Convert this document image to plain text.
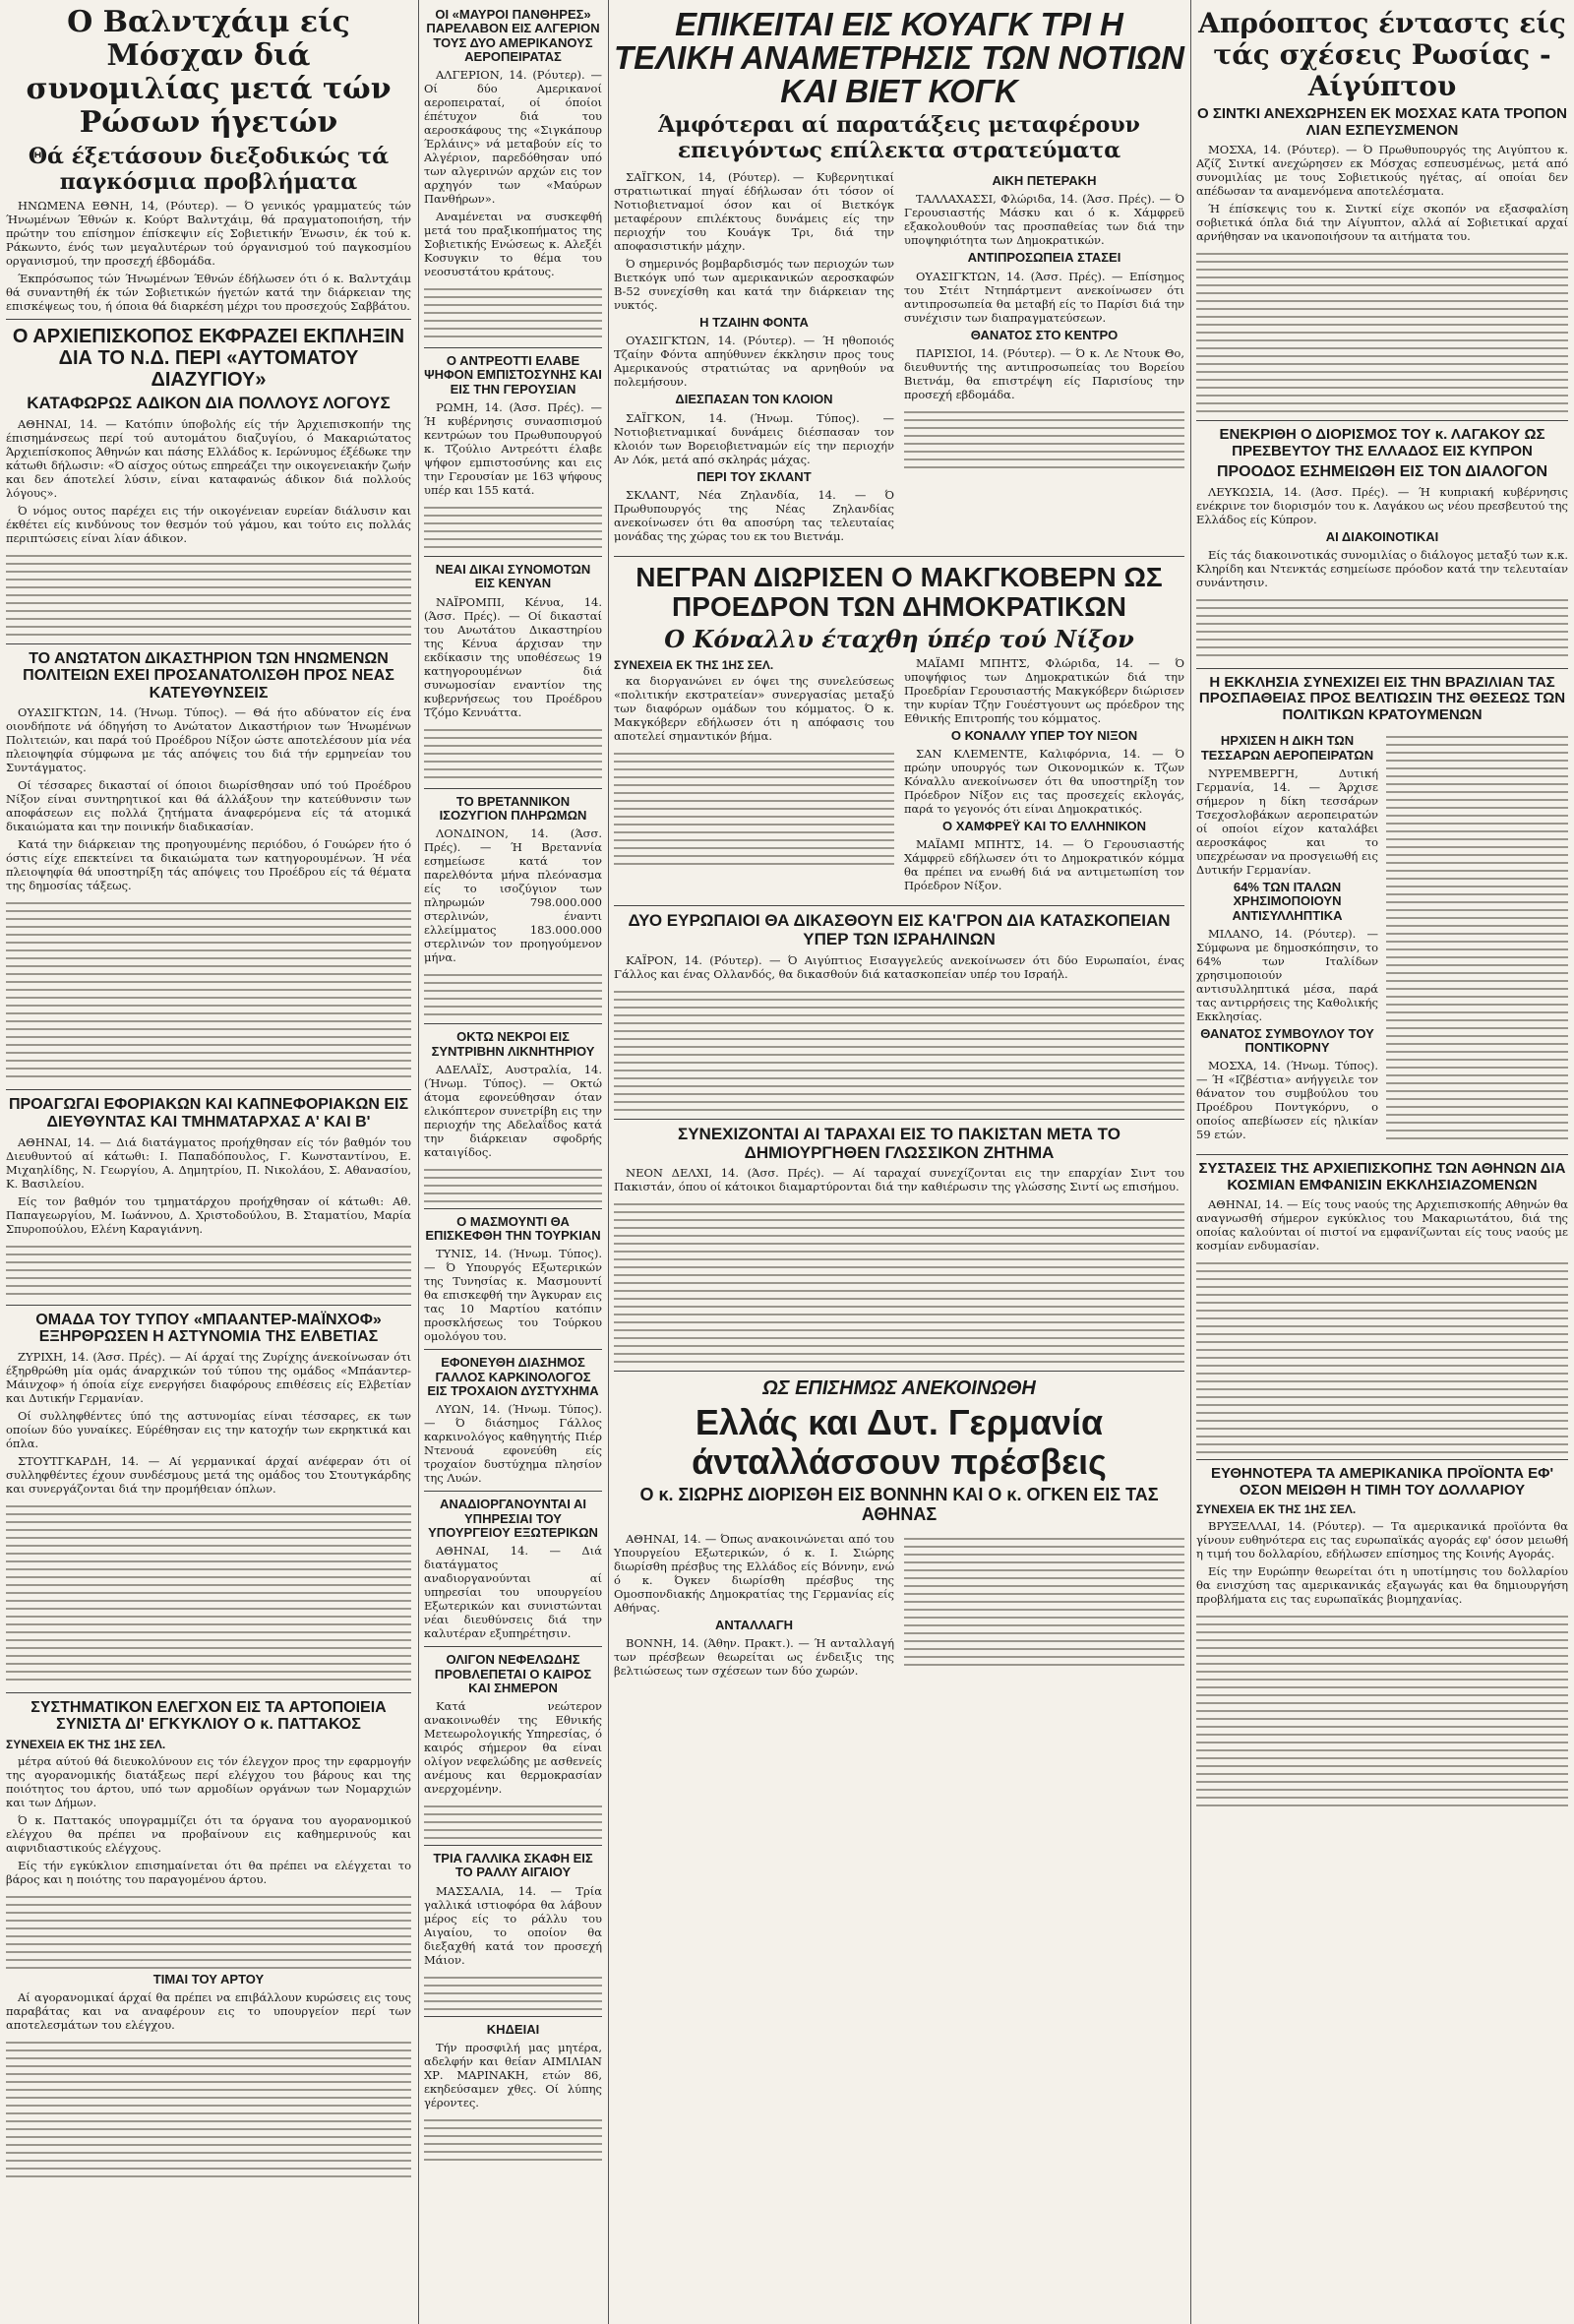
Ο Βαλντχάιμ είς Μόσχαν διά συνομιλίας μετά τών Ρώσων ήγετών
Θά έξετάσουν διεξοδικώς τά παγκόσμια προβλήματα

ΗΝΩΜΕΝΑ ΕΘΝΗ, 14, (Ρόυτερ). — Ό γενικός γραμματεύς τών Ήνωμένων Έθνών κ. Κούρτ Βαλντχάιμ, θά πραγματοποιήση, τήν πρώτην του επίσημον έπίσκεψιν είς Σοβιετικήν Ένωσιν, έκ τού κ. Ράκωντο, ένός των μεγαλυτέρων τού όργανισμού τού παγκοσμίου οργανισμού, την προσεχή έβδομάδα.

Έκπρόσωπος τών Ήνωμένων Έθνών έδήλωσεν ότι ό κ. Βαλντχάιμ θά συναντηθή έκ τών Σοβιετικών ήγετών κατά την διάρκειαν της επισκέψεως του, ή όποια θά διαρκέση μέχρι του προσεχούς Σαββάτου.

Ο ΑΡΧΙΕΠΙΣΚΟΠΟΣ ΕΚΦΡΑΖΕΙ ΕΚΠΛΗΞΙΝ ΔΙΑ ΤΟ Ν.Δ. ΠΕΡΙ «ΑΥΤΟΜΑΤΟΥ ΔΙΑΖΥΓΙΟΥ»
ΚΑΤΑΦΩΡΩΣ ΑΔΙΚΟΝ ΔΙΑ ΠΟΛΛΟΥΣ ΛΟΓΟΥΣ

ΑΘΗΝΑΙ, 14. — Κατόπιν ύποβολής είς τήν Άρχιεπισκοπήν της έπισημάνσεως περί τού αυτομάτου διαζυγίου, ό Μακαριώτατος Άρχιεπίσκοπος Άθηνών και πάσης Ελλάδος κ. Ιερώνυμος έξέδωκε την κάτωθι δήλωσιν: «Ό αίσχος ούτως επηρεάζει την οικογενειακήν ζωήν και δεν άποτελεί λύσιν, είναι καταφανώς άδικον διά πολλούς λόγους».

Ό νόμος ουτος παρέχει εις τήν οικογένειαν ευρείαν διάλυσιν και έκθέτει είς κινδύνους τον θεσμόν τού γάμου, και τούτο εις πολλάς περιπτώσεις είναι λίαν άδικον.

ΤΟ ΑΝΩΤΑΤΟΝ ΔΙΚΑΣΤΗΡΙΟΝ ΤΩΝ ΗΝΩΜΕΝΩΝ ΠΟΛΙΤΕΙΩΝ ΕΧΕΙ ΠΡΟΣΑΝΑΤΟΛΙΣΘΗ ΠΡΟΣ ΝΕΑΣ ΚΑΤΕΥΘΥΝΣΕΙΣ

ΟΥΑΣΙΓΚΤΩΝ, 14. (Ήνωμ. Τύπος). — Θά ήτο αδύνατον είς ένα οιονδήποτε νά όδηγήση το Ανώτατον Δικαστήριον των Ήνωμένων Πολιτειών, και παρά τού Προέδρου Νίξον ώστε αποτελέσουν μία νέα πλειοψηφία σύμφωνα με τάς απόψεις του διά τήν ερμηνείαν του Συντάγματος.

Οί τέσσαρες δικασταί οί όποιοι διωρίσθησαν υπό τού Προέδρου Νίξον είναι συντηρητικοί και θά άλλάξουν την κατεύθυνσιν των αποφάσεων εις πολλά ζητήματα άναφερόμενα είς τά ατομικά δικαιώματα και την ποινικήν διαδικασίαν.

Κατά την διάρκειαν της προηγουμένης περιόδου, ό Γουώρεν ήτο ό όστις είχε επεκτείνει τα δικαιώματα των κατηγορουμένων. Ή νέα πλειοψηφία θά υποστηρίξη τάς απόψεις του Προέδρου είς τά θέματα της δημοσίας τάξεως.

ΠΡΟΑΓΩΓΑΙ ΕΦΟΡΙΑΚΩΝ ΚΑΙ ΚΑΠΝΕΦΟΡΙΑΚΩΝ ΕΙΣ ΔΙΕΥΘΥΝΤΑΣ ΚΑΙ ΤΜΗΜΑΤΑΡΧΑΣ Α' ΚΑΙ Β'

ΑΘΗΝΑΙ, 14. — Διά διατάγματος προήχθησαν είς τόν βαθμόν του Διευθυντού αί κάτωθι: Ι. Παπαδόπουλος, Γ. Κωνσταντίνου, Ε. Μιχαηλίδης, Ν. Γεωργίου, Α. Δημητρίου, Π. Νικολάου, Σ. Αθανασίου, Κ. Βασιλείου.

Είς τον βαθμόν του τμηματάρχου προήχθησαν οί κάτωθι: Αθ. Παπαγεωργίου, Μ. Ιωάννου, Δ. Χριστοδούλου, Β. Σταματίου, Μαρία Σπυροπούλου, Ελένη Καραγιάννη.

ΟΜΑΔΑ ΤΟΥ ΤΥΠΟΥ «ΜΠΑΑΝΤΕΡ-ΜΑΪΝΧΟΦ» ΕΞΗΡΘΡΩΣΕΝ Η ΑΣΤΥΝΟΜΙΑ ΤΗΣ ΕΛΒΕΤΙΑΣ

ΖΥΡΙΧΗ, 14. (Άσσ. Πρές). — Αί άρχαί της Ζυρίχης άνεκοίνωσαν ότι έξηρθρώθη μία ομάς άναρχικών τού τύπου της ομάδος «Μπάαντερ-Μάινχοφ» ή όποία είχε ενεργήσει διαφόρους επιθέσεις είς Ελβετίαν και Δυτικήν Γερμανίαν.

Οί συλληφθέντες ύπό της αστυνομίας είναι τέσσαρες, εκ των οποίων δύο γυναίκες. Εύρέθησαν εις την κατοχήν των εκρηκτικά και όπλα.

ΣΤΟΥΤΓΚΑΡΔΗ, 14. — Αί γερμανικαί άρχαί ανέφεραν ότι οί συλληφθέντες έχουν συνδέσμους μετά της ομάδος του Στουτγκάρδης και συνεργάζονται διά την προμήθειαν όπλων.

ΣΥΣΤΗΜΑΤΙΚΟΝ ΕΛΕΓΧΟΝ ΕΙΣ ΤΑ ΑΡΤΟΠΟΙΕΙΑ ΣΥΝΙΣΤΑ ΔΙ' ΕΓΚΥΚΛΙΟΥ Ο κ. ΠΑΤΤΑΚΟΣ
ΣΥΝΕΧΕΙΑ ΕΚ ΤΗΣ 1ΗΣ ΣΕΛ.

μέτρα αύτού θά διευκολύνουν εις τόν έλεγχον προς την εφαρμογήν της αγορανομικής διατάξεως περί ελέγχου του βάρους και της ποιότητος του άρτου, υπό των αρμοδίων οργάνων των Νομαρχιών και των Δήμων.

Ό κ. Παττακός υπογραμμίζει ότι τα όργανα του αγορανομικού ελέγχου θα πρέπει να προβαίνουν εις καθημερινούς και αιφνιδιαστικούς ελέγχους.

Είς τήν εγκύκλιον επισημαίνεται ότι θα πρέπει να ελέγχεται το βάρος και η ποιότης του παραγομένου άρτου.

ΤΙΜΑΙ ΤΟΥ ΑΡΤΟΥ

Αί αγορανομικαί άρχαί θα πρέπει να επιβάλλουν κυρώσεις εις τους παραβάτας και να αναφέρουν εις το υπουργείον περί των αποτελεσμάτων του ελέγχου.

ΟΙ «ΜΑΥΡΟΙ ΠΑΝΘΗΡΕΣ» ΠΑΡΕΛΑΒΟΝ ΕΙΣ ΑΛΓΕΡΙΟΝ ΤΟΥΣ ΔΥΟ ΑΜΕΡΙΚΑΝΟΥΣ ΑΕΡΟΠΕΙΡΑΤΑΣ

ΑΛΓΕΡΙΟΝ, 14. (Ρόυτερ). — Οί δύο Αμερικανοί αεροπειραταί, οί όποίοι έπέτυχον διά του αεροσκάφους της «Σιγκάπουρ Έρλάινς» νά μεταβούν είς το Αλγέριον, παρεδόθησαν υπό των αλγερινών αρχών εις τον αρχηγόν των «Μαύρων Πανθήρων».

Αναμένεται να συσκεφθή μετά του πραξικοπήματος της Σοβιετικής Ενώσεως κ. Αλεξέι Κοσυγκιν το θέμα του νεοσυστάτου κράτους.

Ο ΑΝΤΡΕΟΤΤΙ ΕΛΑΒΕ ΨΗΦΟΝ ΕΜΠΙΣΤΟΣΥΝΗΣ ΚΑΙ ΕΙΣ ΤΗΝ ΓΕΡΟΥΣΙΑΝ

ΡΩΜΗ, 14. (Άσσ. Πρές). — Ή κυβέρνησις συνασπισμού κεντρώων του Πρωθυπουργού κ. Τζούλιο Αντρεόττι έλαβε ψήφον εμπιστοσύνης και εις την Γερουσίαν με 163 ψήφους υπέρ και 155 κατά.

ΝΕΑΙ ΔΙΚΑΙ ΣΥΝΟΜΟΤΩΝ ΕΙΣ ΚΕΝΥΑΝ

ΝΑΪΡΟΜΠΙ, Κένυα, 14. (Άσσ. Πρές). — Οί δικασταί του Ανωτάτου Δικαστηρίου της Κένυα άρχισαν την εκδίκασιν της υποθέσεως 19 κατηγορουμένων διά συνωμοσίαν εναντίον της κυβερνήσεως του Προέδρου Τζόμο Κενυάττα.

ΤΟ ΒΡΕΤΑΝΝΙΚΟΝ ΙΣΟΖΥΓΙΟΝ ΠΛΗΡΩΜΩΝ

ΛΟΝΔΙΝΟΝ, 14. (Άσσ. Πρές). — Ή Βρεταννία εσημείωσε κατά τον παρελθόντα μήνα πλεόνασμα είς το ισοζύγιον των πληρωμών 798.000.000 στερλινών, έναντι ελλείμματος 183.000.000 στερλινών τον προηγούμενον μήνα.

ΟΚΤΩ ΝΕΚΡΟΙ ΕΙΣ ΣΥΝΤΡΙΒΗΝ ΛΙΚΝΗΤΗΡΙΟΥ

ΑΔΕΛΑΪΣ, Αυστραλία, 14. (Ήνωμ. Τύπος). — Οκτώ άτομα εφονεύθησαν όταν ελικόπτερον συνετρίβη εις την περιοχήν της Αδελαΐδος κατά την διάρκειαν σφοδρής καταιγίδος.

Ο ΜΑΣΜΟΥΝΤΙ ΘΑ ΕΠΙΣΚΕΦΘΗ ΤΗΝ ΤΟΥΡΚΙΑΝ

ΤΥΝΙΣ, 14. (Ήνωμ. Τύπος). — Ό Υπουργός Εξωτερικών της Τυνησίας κ. Μασμουντί θα επισκεφθή την Άγκυραν εις τας 10 Μαρτίου κατόπιν προσκλήσεως του Τούρκου ομολόγου του.

ΕΦΟΝΕΥΘΗ ΔΙΑΣΗΜΟΣ ΓΑΛΛΟΣ ΚΑΡΚΙΝΟΛΟΓΟΣ ΕΙΣ ΤΡΟΧΑΙΟΝ ΔΥΣΤΥΧΗΜΑ

ΛΥΩΝ, 14. (Ήνωμ. Τύπος). — Ό διάσημος Γάλλος καρκινολόγος καθηγητής Πιέρ Ντενουά εφονεύθη είς τροχαίον δυστύχημα πλησίον της Λυών.

ΑΝΑΔΙΟΡΓΑΝΟΥΝΤΑΙ ΑΙ ΥΠΗΡΕΣΙΑΙ ΤΟΥ ΥΠΟΥΡΓΕΙΟΥ ΕΞΩΤΕΡΙΚΩΝ

ΑΘΗΝΑΙ, 14. — Διά διατάγματος αναδιοργανούνται αί υπηρεσίαι του υπουργείου Εξωτερικών και συνιστώνται νέαι διευθύνσεις διά την καλυτέραν εξυπηρέτησιν.

ΟΛΙΓΟΝ ΝΕΦΕΛΩΔΗΣ ΠΡΟΒΛΕΠΕΤΑΙ Ο ΚΑΙΡΟΣ ΚΑΙ ΣΗΜΕΡΟΝ

Κατά νεώτερον ανακοινωθέν της Εθνικής Μετεωρολογικής Υπηρεσίας, ό καιρός σήμερον θα είναι ολίγον νεφελώδης με ασθενείς ανέμους και θερμοκρασίαν ανερχομένην.

ΤΡΙΑ ΓΑΛΛΙΚΑ ΣΚΑΦΗ ΕΙΣ ΤΟ ΡΑΛΛΥ ΑΙΓΑΙΟΥ

ΜΑΣΣΑΛΙΑ, 14. — Τρία γαλλικά ιστιοφόρα θα λάβουν μέρος είς το ράλλυ του Αιγαίου, το οποίον θα διεξαχθή κατά τον προσεχή Μάιον.

ΚΗΔΕΙΑΙ

Τήν προσφιλή μας μητέρα, αδελφήν και θείαν ΑΙΜΙΛΙΑΝ ΧΡ. ΜΑΡΙΝΑΚΗ, ετών 86, εκηδεύσαμεν χθες. Οί λύπης γέροντες.

ΕΠΙΚΕΙΤΑΙ ΕΙΣ ΚΟΥΑΓΚ ΤΡΙ Η ΤΕΛΙΚΗ ΑΝΑΜΕΤΡΗΣΙΣ ΤΩΝ ΝΟΤΙΩΝ ΚΑΙ ΒΙΕΤ ΚΟΓΚ
Άμφότεραι αί παρατάξεις μεταφέρουν επειγόντως επίλεκτα στρατεύματα

ΣΑΪΓΚΟΝ, 14, (Ρόυτερ). — Κυβερνητικαί στρατιωτικαί πηγαί έδήλωσαν ότι τόσον οί Νοτιοβιετναμοί όσον και οί Βιετκόγκ μεταφέρουν επιλέκτους δυνάμεις είς την περιοχήν του Κουάγκ Τρι, διά την αποφασιστικήν μάχην.

Ό σημερινός βομβαρδισμός των περιοχών των Βιετκόγκ υπό των αμερικανικών αεροσκαφών Β-52 συνεχίσθη και κατά την διάρκειαν της νυκτός.

Η ΤΖΑΙΗΝ ΦΟΝΤΑ

ΟΥΑΣΙΓΚΤΩΝ, 14. (Ρόυτερ). — Ή ηθοποιός Τζαίην Φόντα απηύθυνεν έκκλησιν προς τους Αμερικανούς στρατιώτας να αρνηθούν να πολεμήσουν.

ΔΙΕΣΠΑΣΑΝ ΤΟΝ ΚΛΟΙΟΝ

ΣΑΪΓΚΟΝ, 14. (Ήνωμ. Τύπος). — Νοτιοβιετναμικαί δυνάμεις διέσπασαν τον κλοιόν των Βορειοβιετναμών είς την περιοχήν Αν Λόκ, μετά από σκληράς μάχας.

ΠΕΡΙ ΤΟΥ ΣΚΛΑΝΤ

ΣΚΛΑΝΤ, Νέα Ζηλανδία, 14. — Ό Πρωθυπουργός της Νέας Ζηλανδίας ανεκοίνωσεν ότι θα αποσύρη τας τελευταίας μονάδας της χώρας του εκ του Βιετνάμ.

ΑΙΚΗ ΠΕΤΕΡΑΚΗ

ΤΑΛΛΑΧΑΣΣΙ, Φλώριδα, 14. (Άσσ. Πρές). — Ό Γερουσιαστής Μάσκυ και ό κ. Χάμφρεϋ εξακολουθούν τας προσπαθείας των διά την υποψηφιότητα των Δημοκρατικών.

ΑΝΤΙΠΡΟΣΩΠΕΙΑ ΣΤΑΣΕΙ

ΟΥΑΣΙΓΚΤΩΝ, 14. (Άσσ. Πρές). — Επίσημος του Στέιτ Ντηπάρτμεντ ανεκοίνωσεν ότι αντιπροσωπεία θα μεταβή είς το Παρίσι διά την συνέχισιν των διαπραγματεύσεων.

ΘΑΝΑΤΟΣ ΣΤΟ ΚΕΝΤΡΟ

ΠΑΡΙΣΙΟΙ, 14. (Ρόυτερ). — Ό κ. Λε Ντουκ Θο, διευθυντής της αντιπροσωπείας του Βορείου Βιετνάμ, θα επιστρέψη είς Παρισίους την προσεχή εβδομάδα.

ΝΕΓΡΑΝ ΔΙΩΡΙΣΕΝ Ο ΜΑΚΓΚΟΒΕΡΝ ΩΣ ΠΡΟΕΔΡΟΝ ΤΩΝ ΔΗΜΟΚΡΑΤΙΚΩΝ
Ο Κόναλλυ έταχθη ύπέρ τού Νίξον
ΣΥΝΕΧΕΙΑ ΕΚ ΤΗΣ 1ΗΣ ΣΕΛ.

κα διοργανώνει εν όψει της συνελεύσεως «πολιτικήν εκστρατείαν» συνεργασίας μεταξύ των διαφόρων ομάδων του κόμματος. Ό κ. Μακγκόβερν εδήλωσεν ότι η απόφασις του αποτελεί σημαντικόν βήμα.

ΜΑΪΑΜΙ ΜΠΗΤΣ, Φλώριδα, 14. — Ό υποψήφιος των Δημοκρατικών διά την Προεδρίαν Γερουσιαστής Μακγκόβερν διώρισεν την κυρίαν Τζην Γουέστγουντ ως πρόεδρον της Εθνικής Επιτροπής του κόμματος.

Ο ΚΟΝΑΛΛΥ ΥΠΕΡ ΤΟΥ ΝΙΞΟΝ

ΣΑΝ ΚΛΕΜΕΝΤΕ, Καλιφόρνια, 14. — Ό πρώην υπουργός των Οικονομικών κ. Τζων Κόναλλυ ανεκοίνωσεν ότι θα υποστηρίξη τον Πρόεδρον Νίξον εις τας προσεχείς εκλογάς, παρά το γεγονός ότι είναι Δημοκρατικός.

Ο ΧΑΜΦΡΕΫ ΚΑΙ ΤΟ ΕΛΛΗΝΙΚΟΝ

ΜΑΪΑΜΙ ΜΠΗΤΣ, 14. — Ό Γερουσιαστής Χάμφρεϋ εδήλωσεν ότι το Δημοκρατικόν κόμμα θα πρέπει να ενωθή διά να αντιμετωπίση τον Πρόεδρον Νίξον.

ΔΥΟ ΕΥΡΩΠΑΙΟΙ ΘΑ ΔΙΚΑΣΘΟΥΝ ΕΙΣ ΚΑ'ΓΡΟΝ ΔΙΑ ΚΑΤΑΣΚΟΠΕΙΑΝ ΥΠΕΡ ΤΩΝ ΙΣΡΑΗΛΙΝΩΝ

ΚΑΪΡΟΝ, 14. (Ρόυτερ). — Ό Αιγύπτιος Εισαγγελεύς ανεκοίνωσεν ότι δύο Ευρωπαίοι, ένας Γάλλος και ένας Ολλανδός, θα δικασθούν διά κατασκοπείαν υπέρ του Ισραήλ.

ΣΥΝΕΧΙΖΟΝΤΑΙ ΑΙ ΤΑΡΑΧΑΙ ΕΙΣ ΤΟ ΠΑΚΙΣΤΑΝ ΜΕΤΑ ΤΟ ΔΗΜΙΟΥΡΓΗΘΕΝ ΓΛΩΣΣΙΚΟΝ ΖΗΤΗΜΑ

ΝΕΟΝ ΔΕΛΧΙ, 14. (Άσσ. Πρές). — Αί ταραχαί συνεχίζονται εις την επαρχίαν Σιντ του Πακιστάν, όπου οί κάτοικοι διαμαρτύρονται διά την καθιέρωσιν της γλώσσης Σιντί ως επισήμου.

ΩΣ ΕΠΙΣΗΜΩΣ ΑΝΕΚΟΙΝΩΘΗ
Ελλάς και Δυτ. Γερμανία άνταλλάσσουν πρέσβεις
Ο κ. ΣΙΩΡΗΣ ΔΙΟΡΙΣΘΗ ΕΙΣ ΒΟΝΝΗΝ ΚΑΙ Ο κ. ΟΓΚΕΝ ΕΙΣ ΤΑΣ ΑΘΗΝΑΣ

ΑΘΗΝΑΙ, 14. — Όπως ανακοινώνεται από του Υπουργείου Εξωτερικών, ό κ. Ι. Σιώρης διωρίσθη πρέσβυς της Ελλάδος είς Βόννην, ενώ ό κ. Όγκεν διωρίσθη πρέσβυς της Ομοσπονδιακής Δημοκρατίας της Γερμανίας είς Αθήνας.

ΑΝΤΑΛΛΑΓΗ

ΒΟΝΝΗ, 14. (Άθην. Πρακτ.). — Ή ανταλλαγή των πρέσβεων θεωρείται ως ένδειξις της βελτιώσεως των σχέσεων των δύο χωρών.

Απρόοπτος ένταστς είς τάς σχέσεις Ρωσίας - Αίγύπτου
Ο ΣΙΝΤΚΙ ΑΝΕΧΩΡΗΣΕΝ ΕΚ ΜΟΣΧΑΣ ΚΑΤΑ ΤΡΟΠΟΝ ΛΙΑΝ ΕΣΠΕΥΣΜΕΝΟΝ

ΜΟΣΧΑ, 14. (Ρόυτερ). — Ό Πρωθυπουργός της Αιγύπτου κ. Αζίζ Σιντκί ανεχώρησεν εκ Μόσχας εσπευσμένως, μετά από συνομιλίας με τους Σοβιετικούς ηγέτας, αί οποίαι δεν απέδωσαν τα αναμενόμενα αποτελέσματα.

Ή έπίσκεψις του κ. Σιντκί είχε σκοπόν να εξασφαλίση σοβιετικά όπλα διά την Αίγυπτον, αλλά αί Σοβιετικαί αρχαί αρνήθησαν να ικανοποιήσουν τα αιτήματα του.

ΕΝΕΚΡΙΘΗ Ο ΔΙΟΡΙΣΜΟΣ ΤΟΥ κ. ΛΑΓΑΚΟΥ ΩΣ ΠΡΕΣΒΕΥΤΟΥ ΤΗΣ ΕΛΛΑΔΟΣ ΕΙΣ ΚΥΠΡΟΝ
ΠΡΟΟΔΟΣ ΕΣΗΜΕΙΩΘΗ ΕΙΣ ΤΟΝ ΔΙΑΛΟΓΟΝ

ΛΕΥΚΩΣΙΑ, 14. (Άσσ. Πρές). — Ή κυπριακή κυβέρνησις ενέκρινε τον διορισμόν του κ. Λαγάκου ως νέου πρεσβευτού της Ελλάδος είς Κύπρον.

ΑΙ ΔΙΑΚΟΙΝΟΤΙΚΑΙ

Είς τάς διακοινοτικάς συνομιλίας ο διάλογος μεταξύ των κ.κ. Κληρίδη και Ντενκτάς εσημείωσε πρόοδον κατά την τελευταίαν συνάντησιν.

Η ΕΚΚΛΗΣΙΑ ΣΥΝΕΧΙΖΕΙ ΕΙΣ ΤΗΝ ΒΡΑΖΙΛΙΑΝ ΤΑΣ ΠΡΟΣΠΑΘΕΙΑΣ ΠΡΟΣ ΒΕΛΤΙΩΣΙΝ ΤΗΣ ΘΕΣΕΩΣ ΤΩΝ ΠΟΛΙΤΙΚΩΝ ΚΡΑΤΟΥΜΕΝΩΝ
ΗΡΧΙΣΕΝ Η ΔΙΚΗ ΤΩΝ ΤΕΣΣΑΡΩΝ ΑΕΡΟΠΕΙΡΑΤΩΝ

ΝΥΡΕΜΒΕΡΓΗ, Δυτική Γερμανία, 14. — Άρχισε σήμερον η δίκη τεσσάρων Τσεχοσλοβάκων αεροπειρατών οί οποίοι είχον καταλάβει αεροσκάφος και το υπεχρέωσαν να προσγειωθή εις Δυτικήν Γερμανίαν.

64% ΤΩΝ ΙΤΑΛΩΝ ΧΡΗΣΙΜΟΠΟΙΟΥΝ ΑΝΤΙΣΥΛΛΗΠΤΙΚΑ

ΜΙΛΑΝΟ, 14. (Ρόυτερ). — Σύμφωνα με δημοσκόπησιν, το 64% των Ιταλίδων χρησιμοποιούν αντισυλληπτικά μέσα, παρά τας αντιρρήσεις της Καθολικής Εκκλησίας.

ΘΑΝΑΤΟΣ ΣΥΜΒΟΥΛΟΥ ΤΟΥ ΠΟΝΤΙΚΟΡΝΥ

ΜΟΣΧΑ, 14. (Ήνωμ. Τύπος). — Ή «Ιζβέστια» ανήγγειλε τον θάνατον του συμβούλου του Προέδρου Ποντγκόρνυ, ο οποίος απεβίωσεν είς ηλικίαν 59 ετών.

ΣΥΣΤΑΣΕΙΣ ΤΗΣ ΑΡΧΙΕΠΙΣΚΟΠΗΣ ΤΩΝ ΑΘΗΝΩΝ ΔΙΑ ΚΟΣΜΙΑΝ ΕΜΦΑΝΙΣΙΝ ΕΚΚΛΗΣΙΑΖΟΜΕΝΩΝ

ΑΘΗΝΑΙ, 14. — Είς τους ναούς της Αρχιεπισκοπής Αθηνών θα αναγνωσθή σήμερον εγκύκλιος του Μακαριωτάτου, διά της οποίας καλούνται οί πιστοί να εμφανίζωνται είς τους ναούς με κοσμίαν ενδυμασίαν.

ΕΥΘΗΝΟΤΕΡΑ ΤΑ ΑΜΕΡΙΚΑΝΙΚΑ ΠΡΟΪΟΝΤΑ ΕΦ' ΟΣΟΝ ΜΕΙΩΘΗ Η ΤΙΜΗ ΤΟΥ ΔΟΛΛΑΡΙΟΥ
ΣΥΝΕΧΕΙΑ ΕΚ ΤΗΣ 1ΗΣ ΣΕΛ.

ΒΡΥΞΕΛΛΑΙ, 14. (Ρόυτερ). — Τα αμερικανικά προϊόντα θα γίνουν ευθηνότερα εις τας ευρωπαϊκάς αγοράς εφ' όσον μειωθή η τιμή του δολλαρίου, εδήλωσεν επίσημος της Κοινής Αγοράς.

Είς την Ευρώπην θεωρείται ότι η υποτίμησις του δολλαρίου θα ενισχύση τας αμερικανικάς εξαγωγάς και θα δημιουργήση προβλήματα εις τας ευρωπαϊκάς βιομηχανίας.
